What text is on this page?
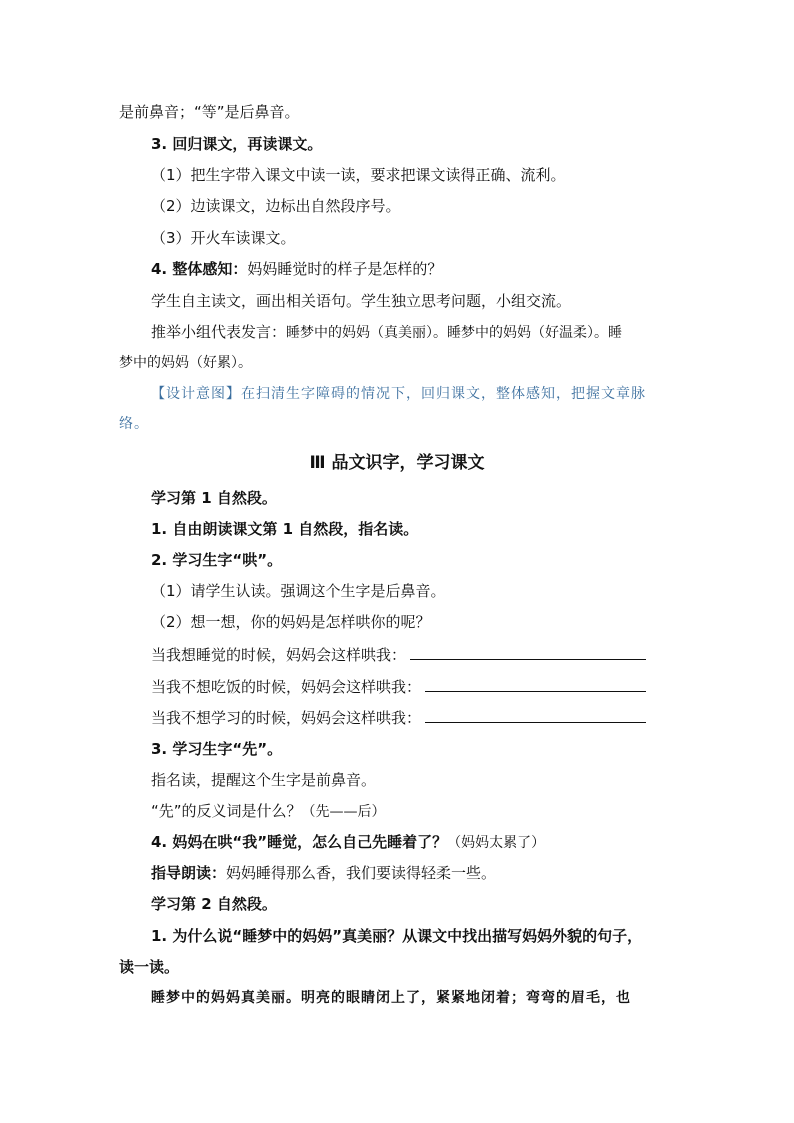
是前鼻音；“等”是后鼻音。
3. 回归课文，再读课文。
（1）把生字带入课文中读一读，要求把课文读得正确、流利。
（2）边读课文，边标出自然段序号。
（3）开火车读课文。
4. 整体感知：妈妈睡觉时的样子是怎样的？
学生自主读文，画出相关语句。学生独立思考问题，小组交流。
推举小组代表发言：睡梦中的妈妈（真美丽）。睡梦中的妈妈（好温柔）。睡
梦中的妈妈（好累）。
【设计意图】在扫清生字障碍的情况下，回归课文，整体感知，把握文章脉
络。
Ⅲ 品文识字，学习课文
学习第 1 自然段。
1. 自由朗读课文第 1 自然段，指名读。
2. 学习生字“哄”。
（1）请学生认读。强调这个生字是后鼻音。
（2）想一想，你的妈妈是怎样哄你的呢？
当我想睡觉的时候，妈妈会这样哄我：
当我不想吃饭的时候，妈妈会这样哄我：
当我不想学习的时候，妈妈会这样哄我：
3. 学习生字“先”。
指名读，提醒这个生字是前鼻音。
“先”的反义词是什么？（先——后）
4. 妈妈在哄“我”睡觉，怎么自己先睡着了？（妈妈太累了）
指导朗读：妈妈睡得那么香，我们要读得轻柔一些。
学习第 2 自然段。
1. 为什么说“睡梦中的妈妈”真美丽？从课文中找出描写妈妈外貌的句子，
读一读。
睡梦中的妈妈真美丽。明亮的眼睛闭上了，紧紧地闭着；弯弯的眉毛，也
